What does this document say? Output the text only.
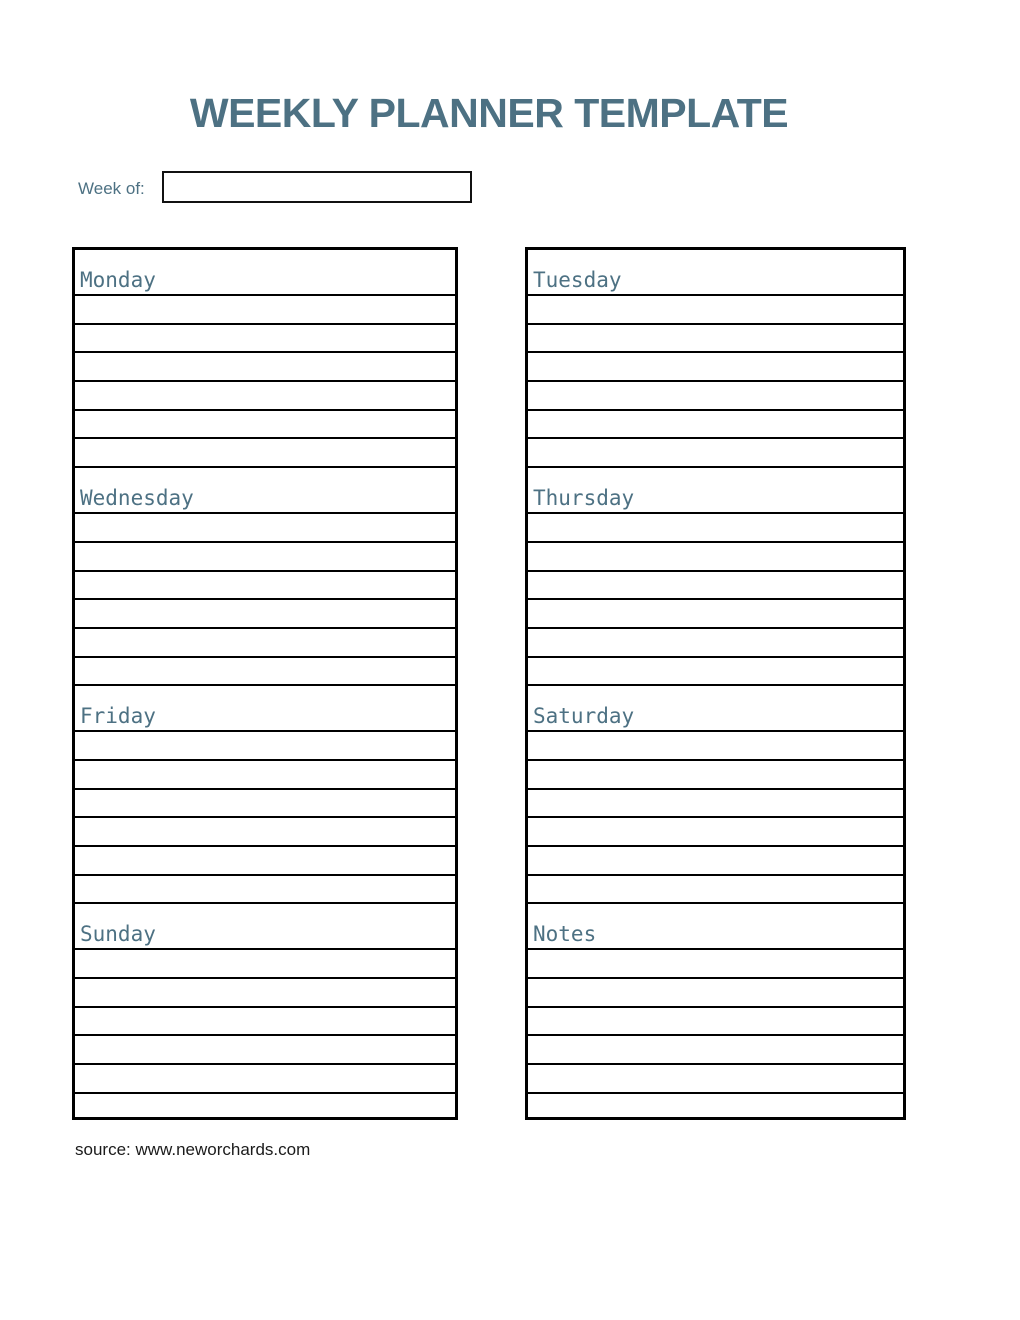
WEEKLY PLANNER TEMPLATE
Week of:
Monday
Wednesday
Friday
Sunday
Tuesday
Thursday
Saturday
Notes
source: www.neworchards.com
